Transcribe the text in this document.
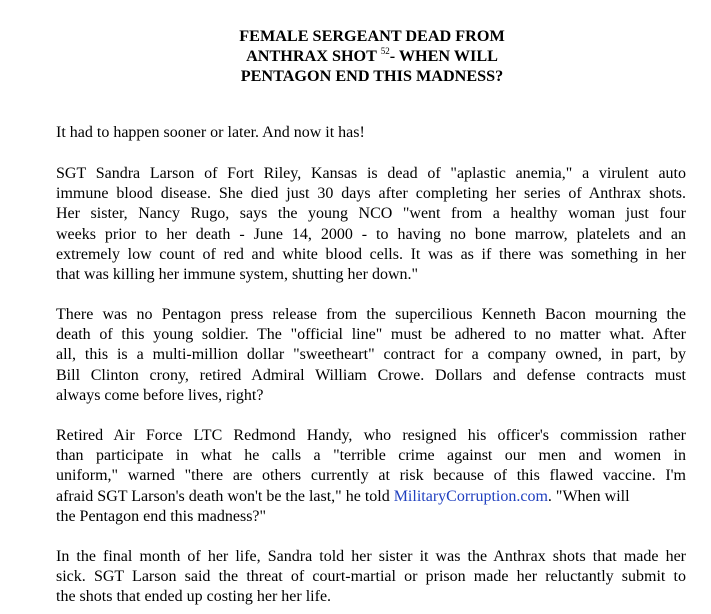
FEMALE SERGEANT DEAD FROM
ANTHRAX SHOT $^{52}$- WHEN WILL
PENTAGON END THIS MADNESS?

It had to happen sooner or later. And now it has!

SGT Sandra Larson of Fort Riley, Kansas is dead of "aplastic anemia," a virulent auto
immune blood disease. She died just 30 days after completing her series of Anthrax shots.
Her sister, Nancy Rugo, says the young NCO "went from a healthy woman just four
weeks prior to her death - June 14, 2000 - to having no bone marrow, platelets and an
extremely low count of red and white blood cells. It was as if there was something in her
that was killing her immune system, shutting her down."

There was no Pentagon press release from the supercilious Kenneth Bacon mourning the
death of this young soldier. The "official line" must be adhered to no matter what. After
all, this is a multi-million dollar "sweetheart" contract for a company owned, in part, by
Bill Clinton crony, retired Admiral William Crowe. Dollars and defense contracts must
always come before lives, right?

Retired Air Force LTC Redmond Handy, who resigned his officer's commission rather
than participate in what he calls a "terrible crime against our men and women in
uniform," warned "there are others currently at risk because of this flawed vaccine. I'm
afraid SGT Larson's death won't be the last," he told MilitaryCorruption.com. "When will
the Pentagon end this madness?"

In the final month of her life, Sandra told her sister it was the Anthrax shots that made her
sick. SGT Larson said the threat of court-martial or prison made her reluctantly submit to
the shots that ended up costing her her life.
